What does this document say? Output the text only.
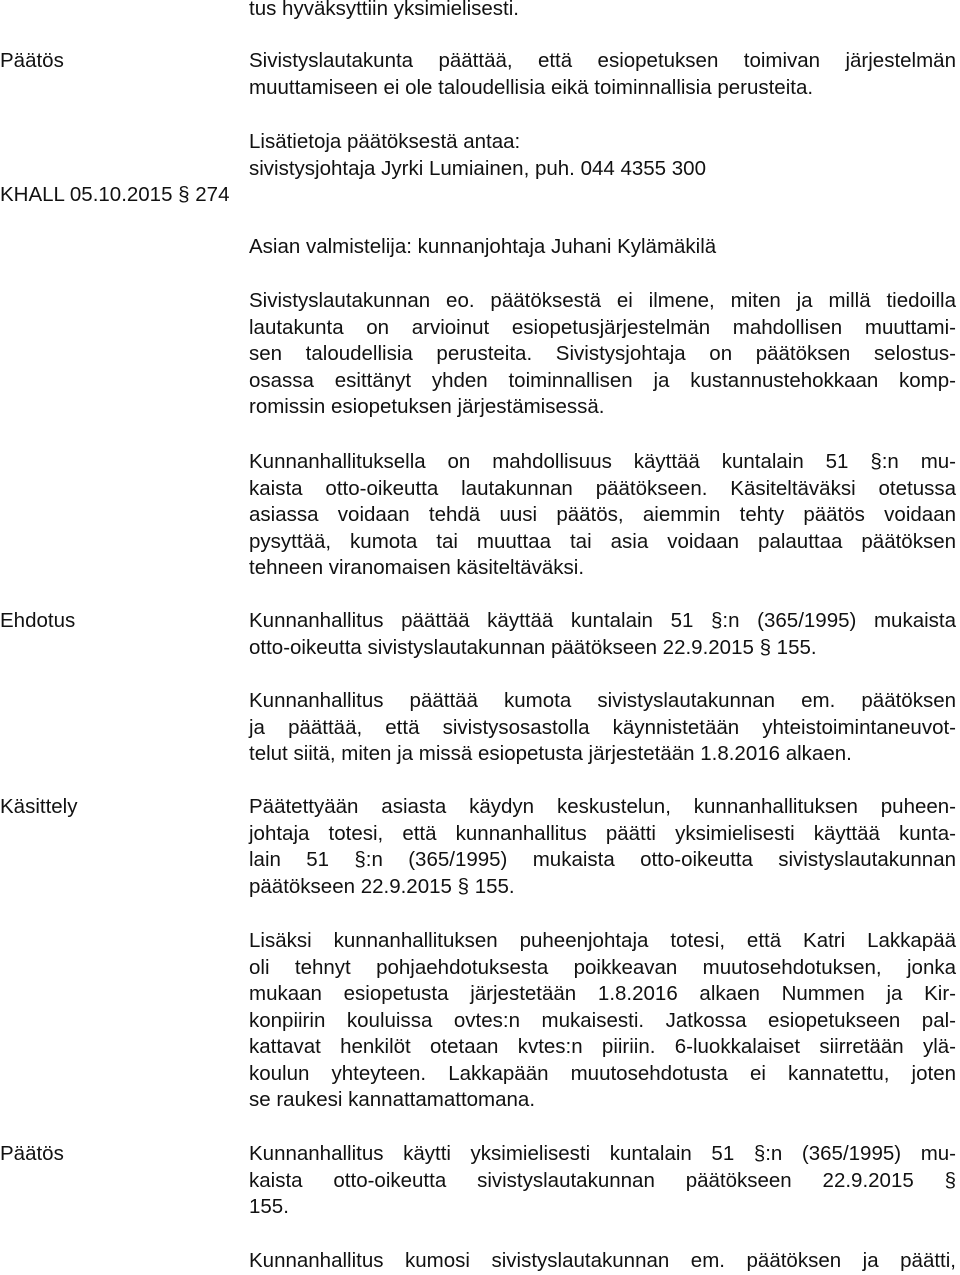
tus hyväksyttiin yksimielisesti.
Päätös	Sivistyslautakunta päättää, että esiopetuksen toimivan järjestelmän
muuttamiseen ei ole taloudellisia eikä toiminnallisia perusteita.
Lisätietoja päätöksestä antaa:
sivistysjohtaja Jyrki Lumiainen, puh. 044 4355 300
KHALL 05.10.2015 § 274
Asian valmistelija: kunnanjohtaja Juhani Kylämäkilä
Sivistyslautakunnan eo. päätöksestä ei ilmene, miten ja millä tiedoilla
lautakunta on arvioinut esiopetusjärjestelmän mahdollisen muuttami-
sen taloudellisia perusteita. Sivistysjohtaja on päätöksen selostus-
osassa esittänyt yhden toiminnallisen ja kustannustehokkaan komp-
romissin esiopetuksen järjestämisessä.
Kunnanhallituksella on mahdollisuus käyttää kuntalain 51 §:n mu-
kaista otto-oikeutta lautakunnan päätökseen. Käsiteltäväksi otetussa
asiassa voidaan tehdä uusi päätös, aiemmin tehty päätös voidaan
pysyttää, kumota tai muuttaa tai asia voidaan palauttaa päätöksen
tehneen viranomaisen käsiteltäväksi.
Ehdotus	Kunnanhallitus päättää käyttää kuntalain 51 §:n (365/1995) mukaista
otto-oikeutta sivistyslautakunnan päätökseen 22.9.2015 § 155.
Kunnanhallitus päättää kumota sivistyslautakunnan em. päätöksen
ja päättää, että sivistysosastolla käynnistetään yhteistoimintaneuvot-
telut siitä, miten ja missä esiopetusta järjestetään 1.8.2016 alkaen.
Käsittely	Päätettyään asiasta käydyn keskustelun, kunnanhallituksen puheen-
johtaja totesi, että kunnanhallitus päätti yksimielisesti käyttää kunta-
lain 51 §:n (365/1995) mukaista otto-oikeutta sivistyslautakunnan
päätökseen 22.9.2015 § 155.
Lisäksi kunnanhallituksen puheenjohtaja totesi, että Katri Lakkapää
oli tehnyt pohjaehdotuksesta poikkeavan muutosehdotuksen, jonka
mukaan esiopetusta järjestetään 1.8.2016 alkaen Nummen ja Kir-
konpiirin kouluissa ovtes:n mukaisesti. Jatkossa esiopetukseen pal-
kattavat henkilöt otetaan kvtes:n piiriin. 6-luokkalaiset siirretään ylä-
koulun yhteyteen. Lakkapään muutosehdotusta ei kannatettu, joten
se raukesi kannattamattomana.
Päätös	Kunnanhallitus käytti yksimielisesti kuntalain 51 §:n (365/1995) mu-
kaista otto-oikeutta sivistyslautakunnan päätökseen 22.9.2015 §
155.
Kunnanhallitus kumosi sivistyslautakunnan em. päätöksen ja päätti,
